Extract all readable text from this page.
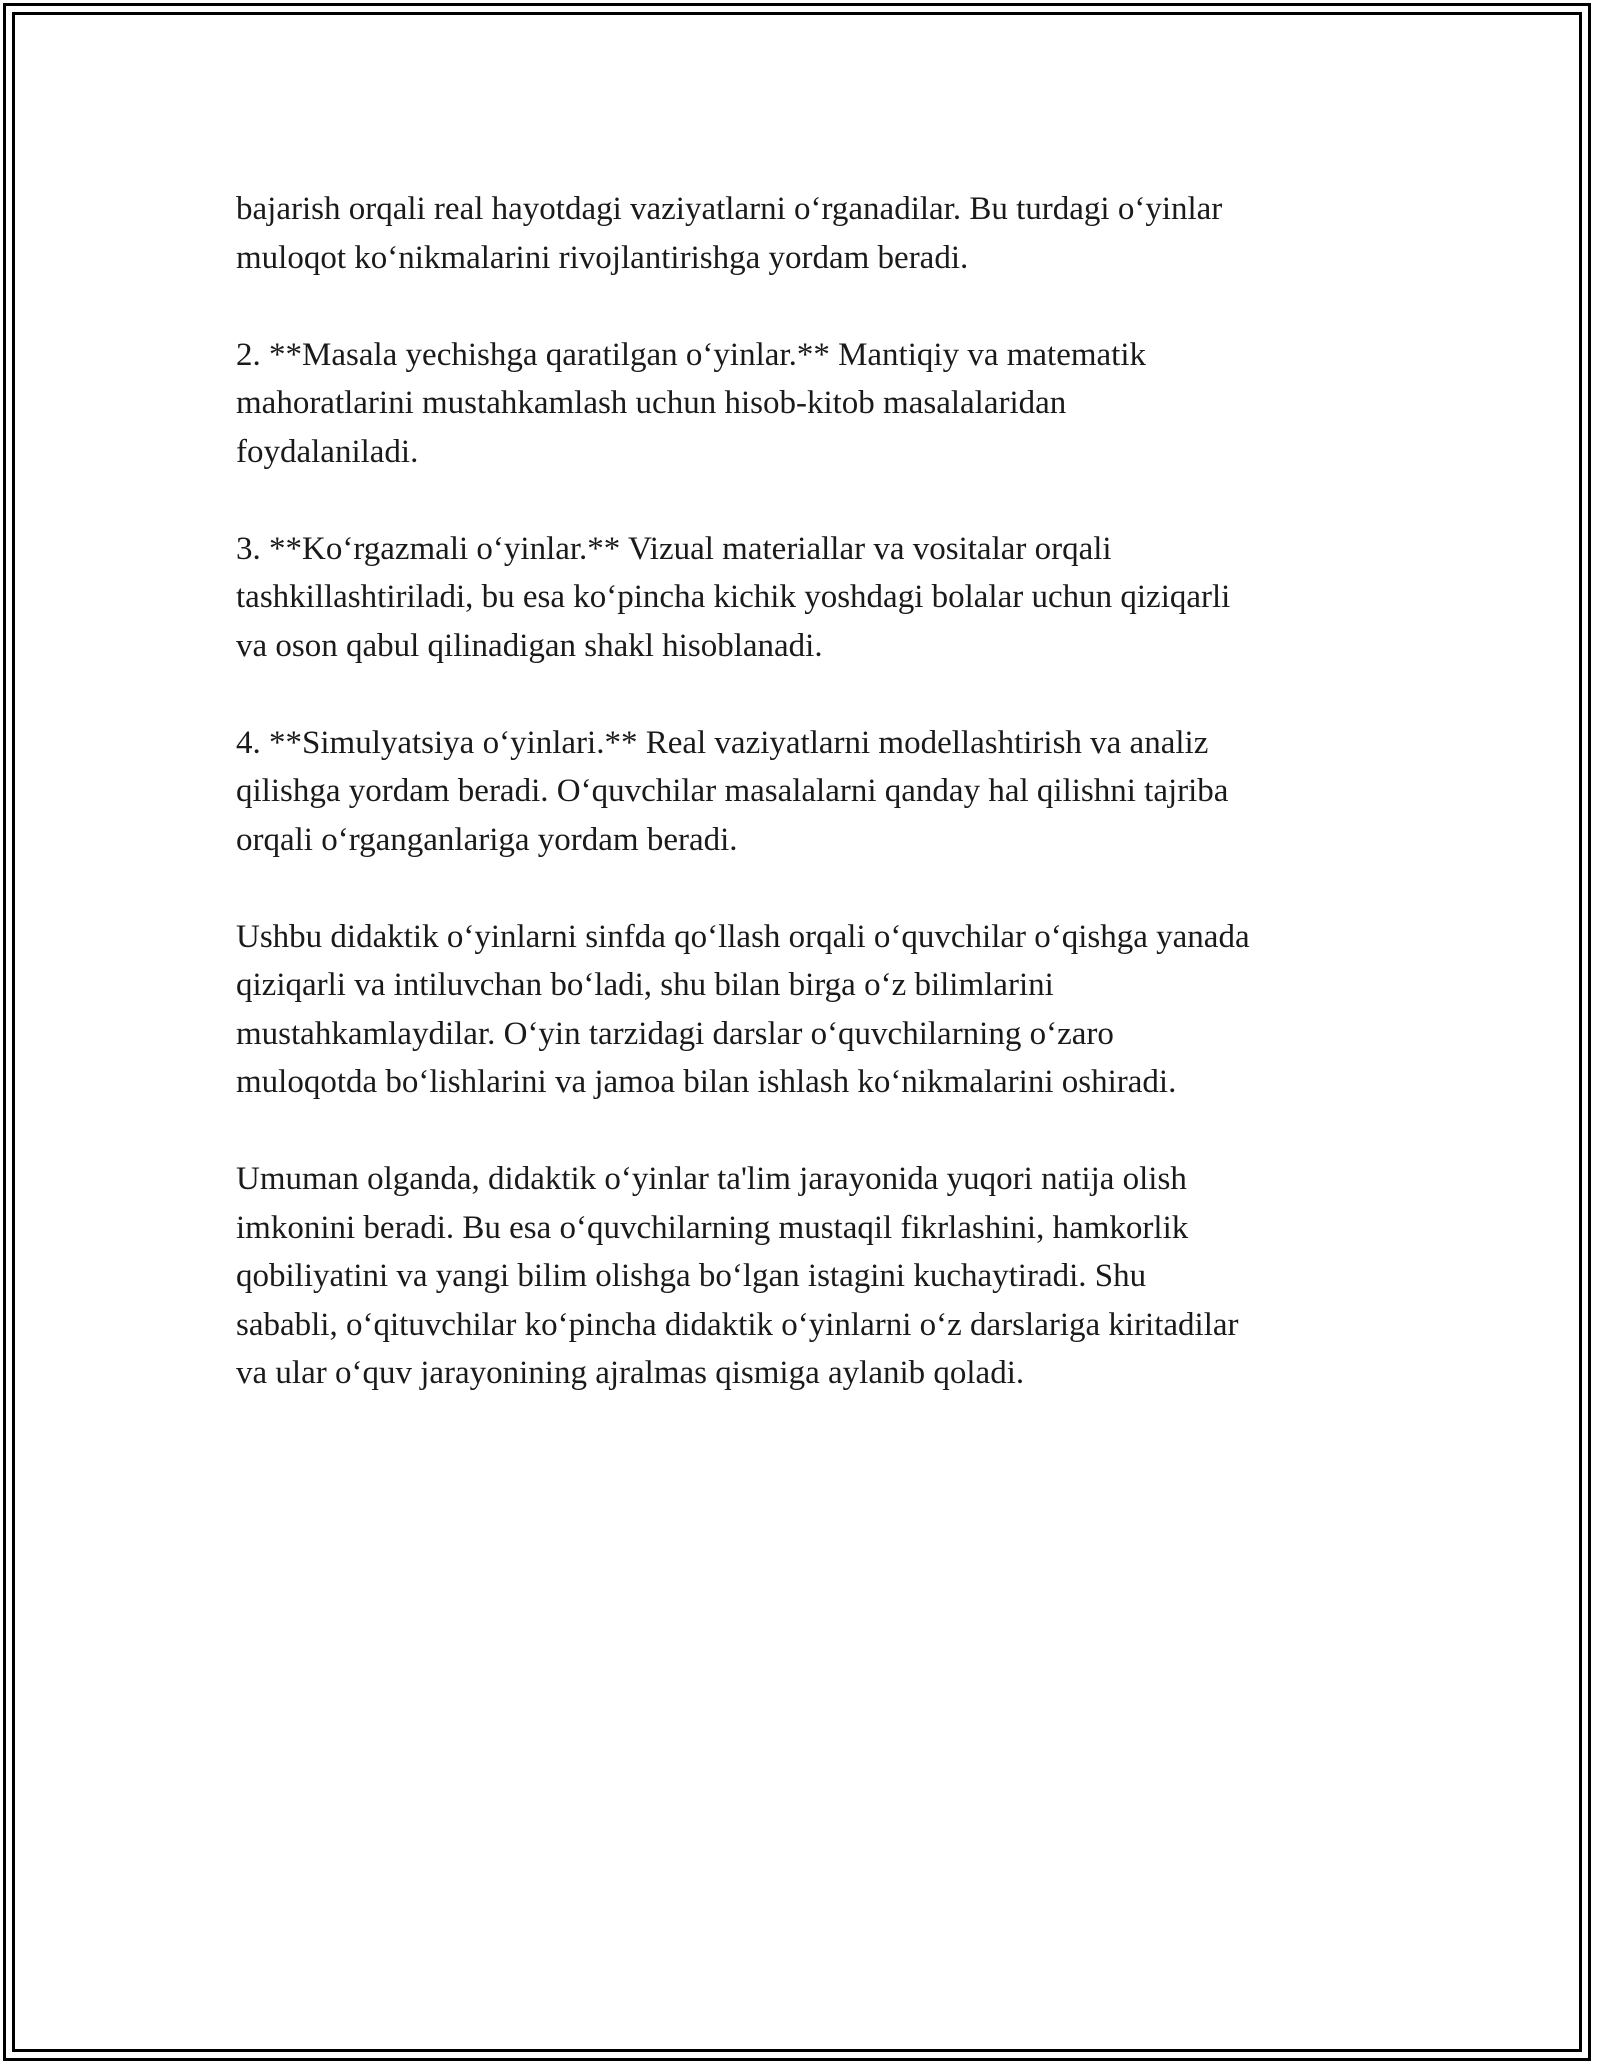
bajarish orqali real hayotdagi vaziyatlarni o‘rganadilar. Bu turdagi o‘yinlar
muloqot ko‘nikmalarini rivojlantirishga yordam beradi.

2. **Masala yechishga qaratilgan o‘yinlar.** Mantiqiy va matematik
mahoratlarini mustahkamlash uchun hisob-kitob masalalaridan
foydalaniladi.

3. **Ko‘rgazmali o‘yinlar.** Vizual materiallar va vositalar orqali
tashkillashtiriladi, bu esa ko‘pincha kichik yoshdagi bolalar uchun qiziqarli
va oson qabul qilinadigan shakl hisoblanadi.

4. **Simulyatsiya o‘yinlari.** Real vaziyatlarni modellashtirish va analiz
qilishga yordam beradi. O‘quvchilar masalalarni qanday hal qilishni tajriba
orqali o‘rganganlariga yordam beradi.

Ushbu didaktik o‘yinlarni sinfda qo‘llash orqali o‘quvchilar o‘qishga yanada
qiziqarli va intiluvchan bo‘ladi, shu bilan birga o‘z bilimlarini
mustahkamlaydilar. O‘yin tarzidagi darslar o‘quvchilarning o‘zaro
muloqotda bo‘lishlarini va jamoa bilan ishlash ko‘nikmalarini oshiradi.

Umuman olganda, didaktik o‘yinlar ta'lim jarayonida yuqori natija olish
imkonini beradi. Bu esa o‘quvchilarning mustaqil fikrlashini, hamkorlik
qobiliyatini va yangi bilim olishga bo‘lgan istagini kuchaytiradi. Shu
sababli, o‘qituvchilar ko‘pincha didaktik o‘yinlarni o‘z darslariga kiritadilar
va ular o‘quv jarayonining ajralmas qismiga aylanib qoladi.
